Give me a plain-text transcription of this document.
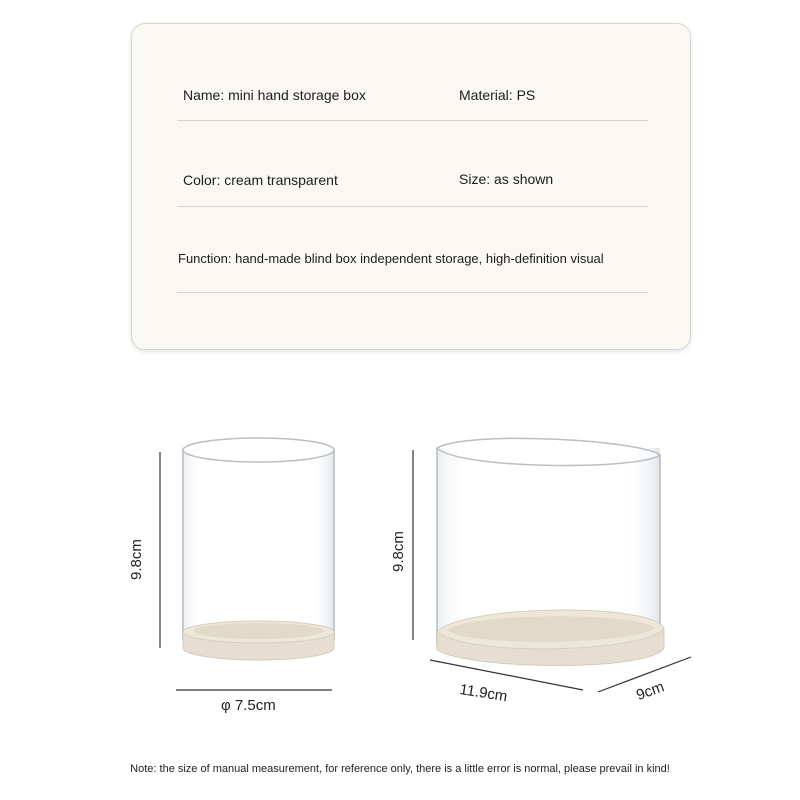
Name: mini hand storage box	Material: PS
Color: cream transparent	Size: as shown
Function: hand-made blind box independent storage, high-definition visual
9.8cm
φ 7.5cm
9.8cm
11.9cm	9cm
Note: the size of manual measurement, for reference only, there is a little error is normal, please prevail in kind!
